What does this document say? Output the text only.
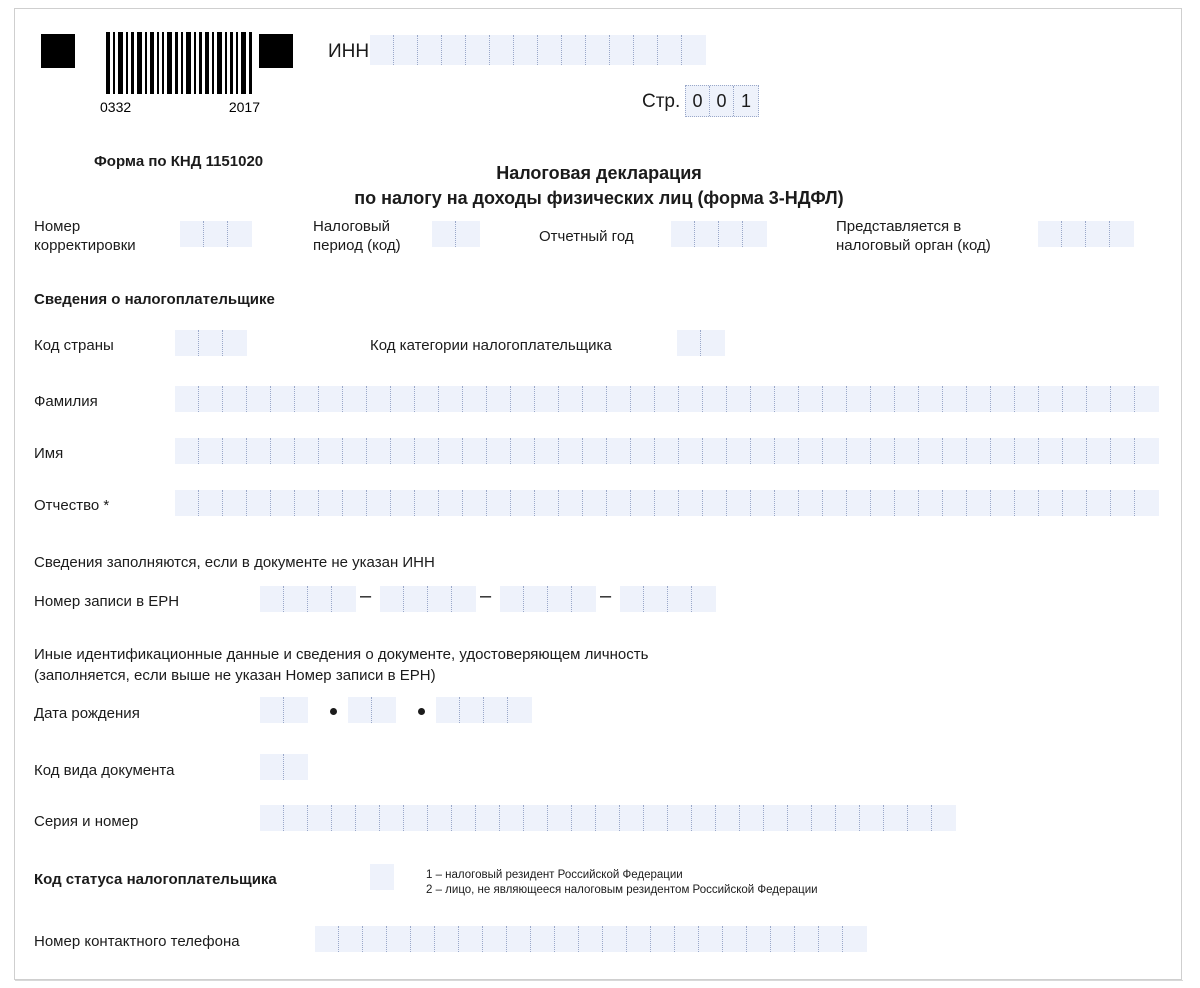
0332	2017
ИНН
Стр. 0 0 1
Форма по КНД 1151020
Налоговая декларация
по налогу на доходы физических лиц (форма 3-НДФЛ)
Номер
корректировки
Налоговый
период (код)
Отчетный год
Представляется в
налоговый орган (код)
Сведения о налогоплательщике
Код страны	Код категории налогоплательщика
Фамилия
Имя
Отчество *
Сведения заполняются, если в документе не указан ИНН
Номер записи в ЕРН	–	–	–
Иные идентификационные данные и сведения о документе, удостоверяющем личность
(заполняется, если выше не указан Номер записи в ЕРН)
Дата рождения
Код вида документа
Серия и номер
Код статуса налогоплательщика	1 – налоговый резидент Российской Федерации
2 – лицо, не являющееся налоговым резидентом Российской Федерации
Номер контактного телефона
